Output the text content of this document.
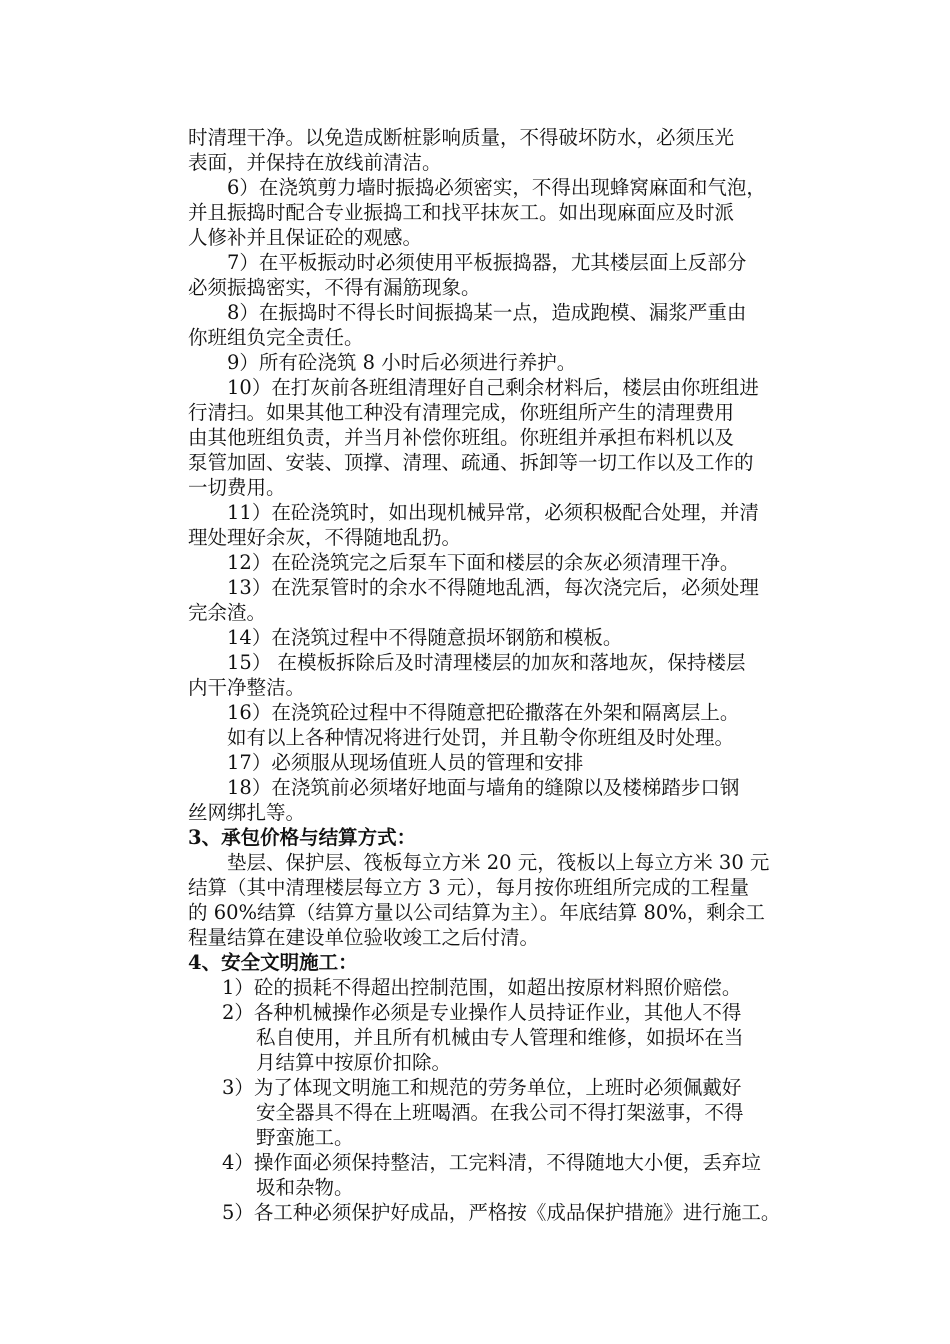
时清理干净。以免造成断桩影响质量，不得破坏防水，必须压光

表面，并保持在放线前清洁。

6）在浇筑剪力墙时振捣必须密实，不得出现蜂窝麻面和气泡，

并且振捣时配合专业振捣工和找平抹灰工。如出现麻面应及时派

人修补并且保证砼的观感。

7）在平板振动时必须使用平板振捣器，尤其楼层面上反部分

必须振捣密实，不得有漏筋现象。

8）在振捣时不得长时间振捣某一点，造成跑模、漏浆严重由

你班组负完全责任。

9）所有砼浇筑 8 小时后必须进行养护。

10）在打灰前各班组清理好自己剩余材料后，楼层由你班组进

行清扫。如果其他工种没有清理完成，你班组所产生的清理费用

由其他班组负责，并当月补偿你班组。你班组并承担布料机以及

泵管加固、安装、顶撑、清理、疏通、拆卸等一切工作以及工作的

一切费用。

11）在砼浇筑时，如出现机械异常，必须积极配合处理，并清

理处理好余灰，不得随地乱扔。

12）在砼浇筑完之后泵车下面和楼层的余灰必须清理干净。

13）在洗泵管时的余水不得随地乱洒，每次浇完后，必须处理

完余渣。

14）在浇筑过程中不得随意损坏钢筋和模板。

15） 在模板拆除后及时清理楼层的加灰和落地灰，保持楼层

内干净整洁。

16）在浇筑砼过程中不得随意把砼撒落在外架和隔离层上。

如有以上各种情况将进行处罚，并且勒令你班组及时处理。

17）必须服从现场值班人员的管理和安排

18）在浇筑前必须堵好地面与墙角的缝隙以及楼梯踏步口钢

丝网绑扎等。

3、承包价格与结算方式：

垫层、保护层、筏板每立方米 20 元，筏板以上每立方米 30 元

结算（其中清理楼层每立方 3 元），每月按你班组所完成的工程量

的 60%结算（结算方量以公司结算为主）。年底结算 80%，剩余工

程量结算在建设单位验收竣工之后付清。

4、安全文明施工：

1）砼的损耗不得超出控制范围，如超出按原材料照价赔偿。

2）各种机械操作必须是专业操作人员持证作业，其他人不得

私自使用，并且所有机械由专人管理和维修，如损坏在当

月结算中按原价扣除。

3）为了体现文明施工和规范的劳务单位，上班时必须佩戴好

安全器具不得在上班喝酒。在我公司不得打架滋事，不得

野蛮施工。

4）操作面必须保持整洁，工完料清，不得随地大小便，丢弃垃

圾和杂物。

5）各工种必须保护好成品，严格按《成品保护措施》进行施工。
